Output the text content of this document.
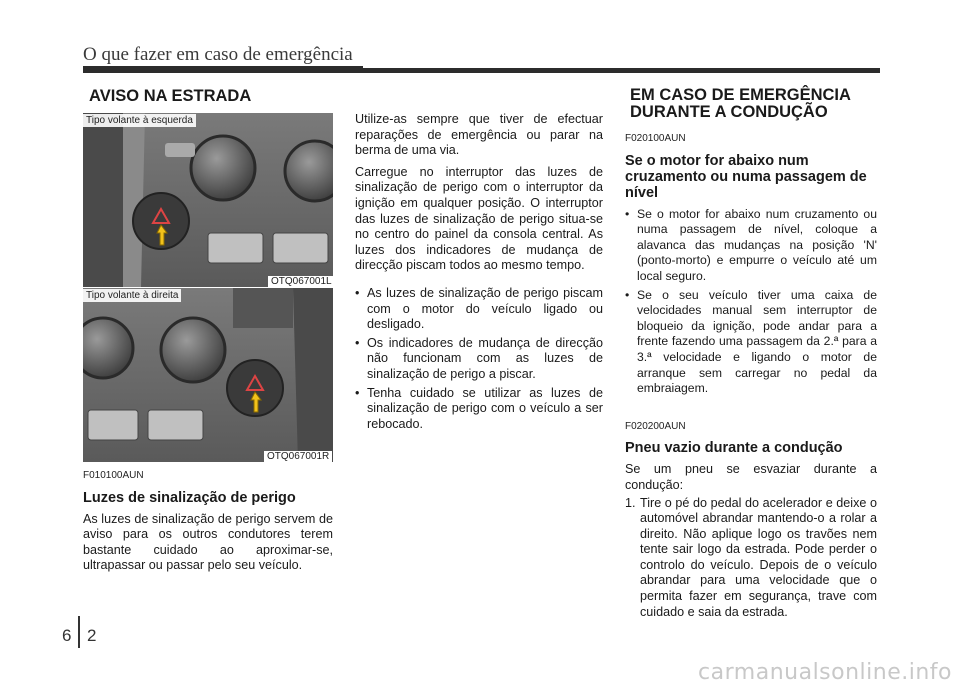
O que fazer em caso de emergência
AVISO NA ESTRADA
Tipo volante à esquerda
OTQ067001L
Tipo volante à direita
OTQ067001R
F010100AUN
Luzes de sinalização de perigo

As luzes de sinalização de perigo servem de aviso para os outros condutores terem bastante cuidado ao aproximar-se, ultrapassar ou passar pelo seu veículo.

Utilize-as sempre que tiver de efectuar reparações de emergência ou parar na berma de uma via.

Carregue no interruptor das luzes de sinalização de perigo com o interruptor da ignição em qualquer posição. O interruptor das luzes de sinalização de perigo situa-se no centro do painel da consola central. As luzes dos indicadores de mudança de direcção piscam todos ao mesmo tempo.

• As luzes de sinalização de perigo piscam com o motor do veículo ligado ou desligado.
• Os indicadores de mudança de direcção não funcionam com as luzes de sinalização de perigo a piscar.
• Tenha cuidado se utilizar as luzes de sinalização de perigo com o veículo a ser rebocado.
EM CASO DE EMERGÊNCIA
DURANTE A CONDUÇÃO
F020100AUN
Se o motor for abaixo num cruzamento ou numa passagem de nível
• Se o motor for abaixo num cruzamento ou numa passagem de nível, coloque a alavanca das mudanças na posição 'N' (ponto-morto) e empurre o veículo até um local seguro.
• Se o seu veículo tiver uma caixa de velocidades manual sem interruptor de bloqueio da ignição, pode andar para a frente fazendo uma passagem da 2.ª para a 3.ª velocidade e ligando o motor de arranque sem carregar no pedal da embraiagem.
F020200AUN
Pneu vazio durante a condução

Se um pneu se esvaziar durante a condução:

1. Tire o pé do pedal do acelerador e deixe o automóvel abrandar mantendo-o a rolar a direito. Não aplique logo os travões nem tente sair logo da estrada. Pode perder o controlo do veículo. Depois de o veículo abrandar para uma velocidade que o permita fazer em segurança, trave com cuidado e saia da estrada.
6 2
carmanualsonline.info
